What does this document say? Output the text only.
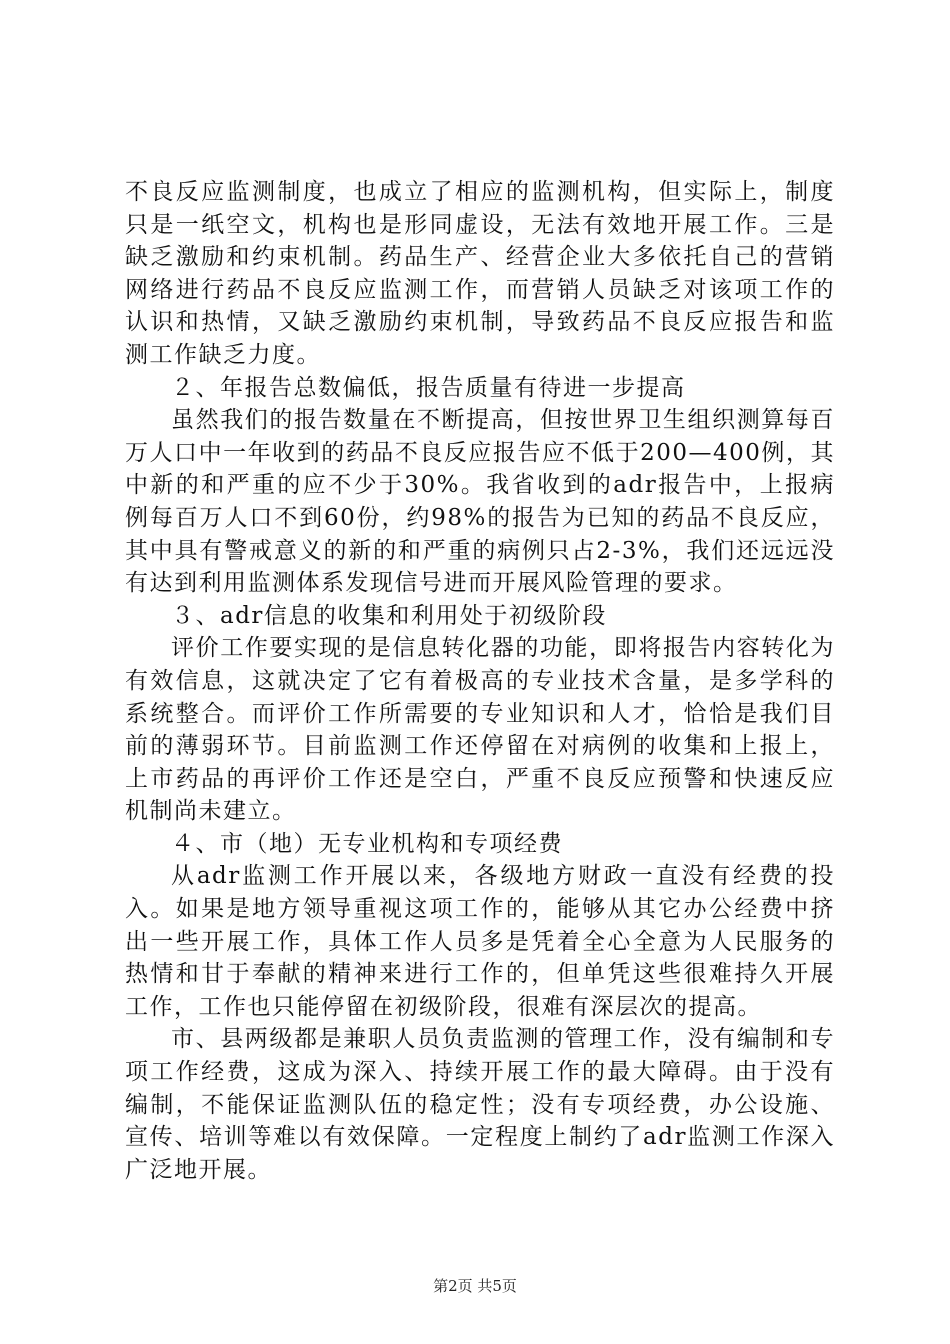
不良反应监测制度，也成立了相应的监测机构，但实际上，制度只是一纸空文，机构也是形同虚设，无法有效地开展工作。三是缺乏激励和约束机制。药品生产、经营企业大多依托自己的营销网络进行药品不良反应监测工作，而营销人员缺乏对该项工作的认识和热情，又缺乏激励约束机制，导致药品不良反应报告和监测工作缺乏力度。

２、年报告总数偏低，报告质量有待进一步提高

虽然我们的报告数量在不断提高，但按世界卫生组织测算每百万人口中一年收到的药品不良反应报告应不低于200—400例，其中新的和严重的应不少于30%。我省收到的adr报告中，上报病例每百万人口不到60份，约98%的报告为已知的药品不良反应，其中具有警戒意义的新的和严重的病例只占2-3%，我们还远远没有达到利用监测体系发现信号进而开展风险管理的要求。

３、adr信息的收集和利用处于初级阶段

评价工作要实现的是信息转化器的功能，即将报告内容转化为有效信息，这就决定了它有着极高的专业技术含量，是多学科的系统整合。而评价工作所需要的专业知识和人才，恰恰是我们目前的薄弱环节。目前监测工作还停留在对病例的收集和上报上，上市药品的再评价工作还是空白，严重不良反应预警和快速反应机制尚未建立。

４、市（地）无专业机构和专项经费

从adr监测工作开展以来，各级地方财政一直没有经费的投入。如果是地方领导重视这项工作的，能够从其它办公经费中挤出一些开展工作，具体工作人员多是凭着全心全意为人民服务的热情和甘于奉献的精神来进行工作的，但单凭这些很难持久开展工作，工作也只能停留在初级阶段，很难有深层次的提高。

市、县两级都是兼职人员负责监测的管理工作，没有编制和专项工作经费，这成为深入、持续开展工作的最大障碍。由于没有编制，不能保证监测队伍的稳定性；没有专项经费，办公设施、宣传、培训等难以有效保障。一定程度上制约了adr监测工作深入广泛地开展。

第2页 共5页
